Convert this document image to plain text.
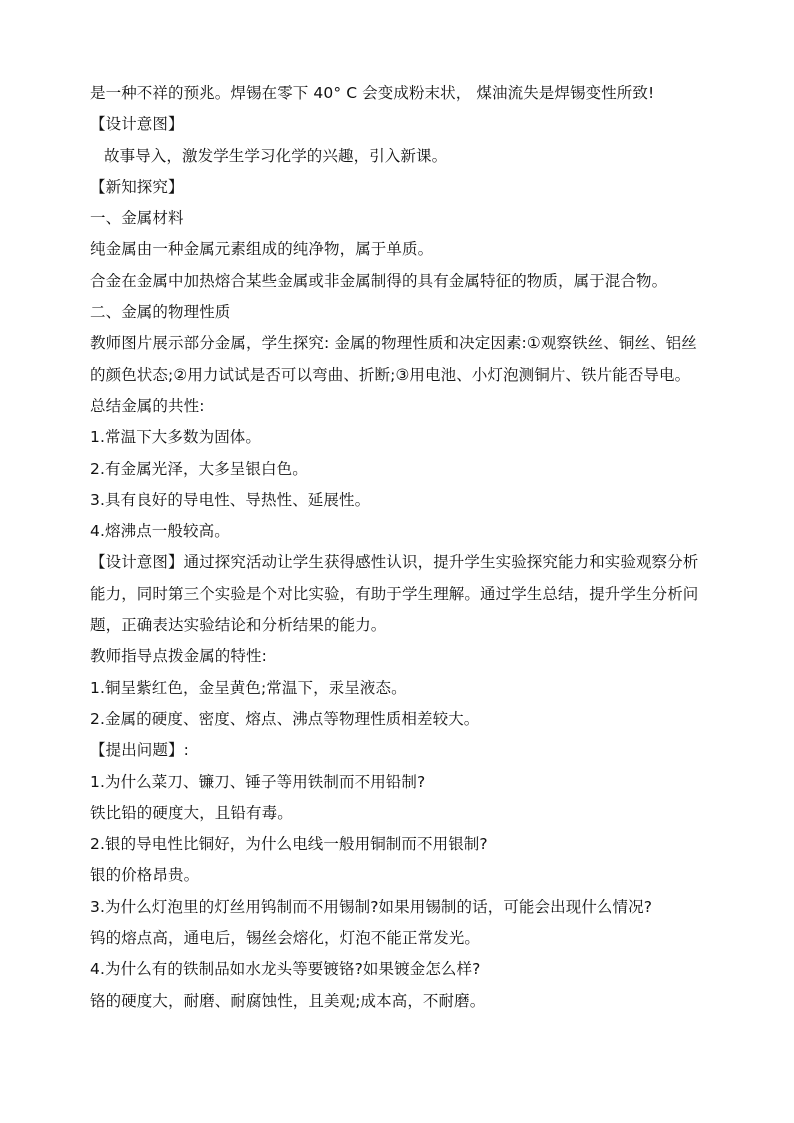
是一种不祥的预兆。焊锡在零下 40° C 会变成粉末状， 煤油流失是焊锡变性所致!
【设计意图】
故事导入，激发学生学习化学的兴趣，引入新课。
【新知探究】
一、金属材料
纯金属由一种金属元素组成的纯净物，属于单质。
合金在金属中加热熔合某些金属或非金属制得的具有金属特征的物质，属于混合物。
二、金属的物理性质
教师图片展示部分金属，学生探究: 金属的物理性质和决定因素:①观察铁丝、铜丝、铝丝的颜色状态;②用力试试是否可以弯曲、折断;③用电池、小灯泡测铜片、铁片能否导电。
总结金属的共性:
1.常温下大多数为固体。
2.有金属光泽，大多呈银白色。
3.具有良好的导电性、导热性、延展性。
4.熔沸点一般较高。
【设计意图】通过探究活动让学生获得感性认识，提升学生实验探究能力和实验观察分析能力，同时第三个实验是个对比实验，有助于学生理解。通过学生总结，提升学生分析问题，正确表达实验结论和分析结果的能力。
教师指导点拨金属的特性:
1.铜呈紫红色，金呈黄色;常温下，汞呈液态。
2.金属的硬度、密度、熔点、沸点等物理性质相差较大。
【提出问题】:
1.为什么菜刀、镰刀、锤子等用铁制而不用铅制?
铁比铅的硬度大，且铅有毒。
2.银的导电性比铜好，为什么电线一般用铜制而不用银制?
银的价格昂贵。
3.为什么灯泡里的灯丝用钨制而不用锡制?如果用锡制的话，可能会出现什么情况?
钨的熔点高，通电后，锡丝会熔化，灯泡不能正常发光。
4.为什么有的铁制品如水龙头等要镀铬?如果镀金怎么样?
铬的硬度大，耐磨、耐腐蚀性，且美观;成本高，不耐磨。
